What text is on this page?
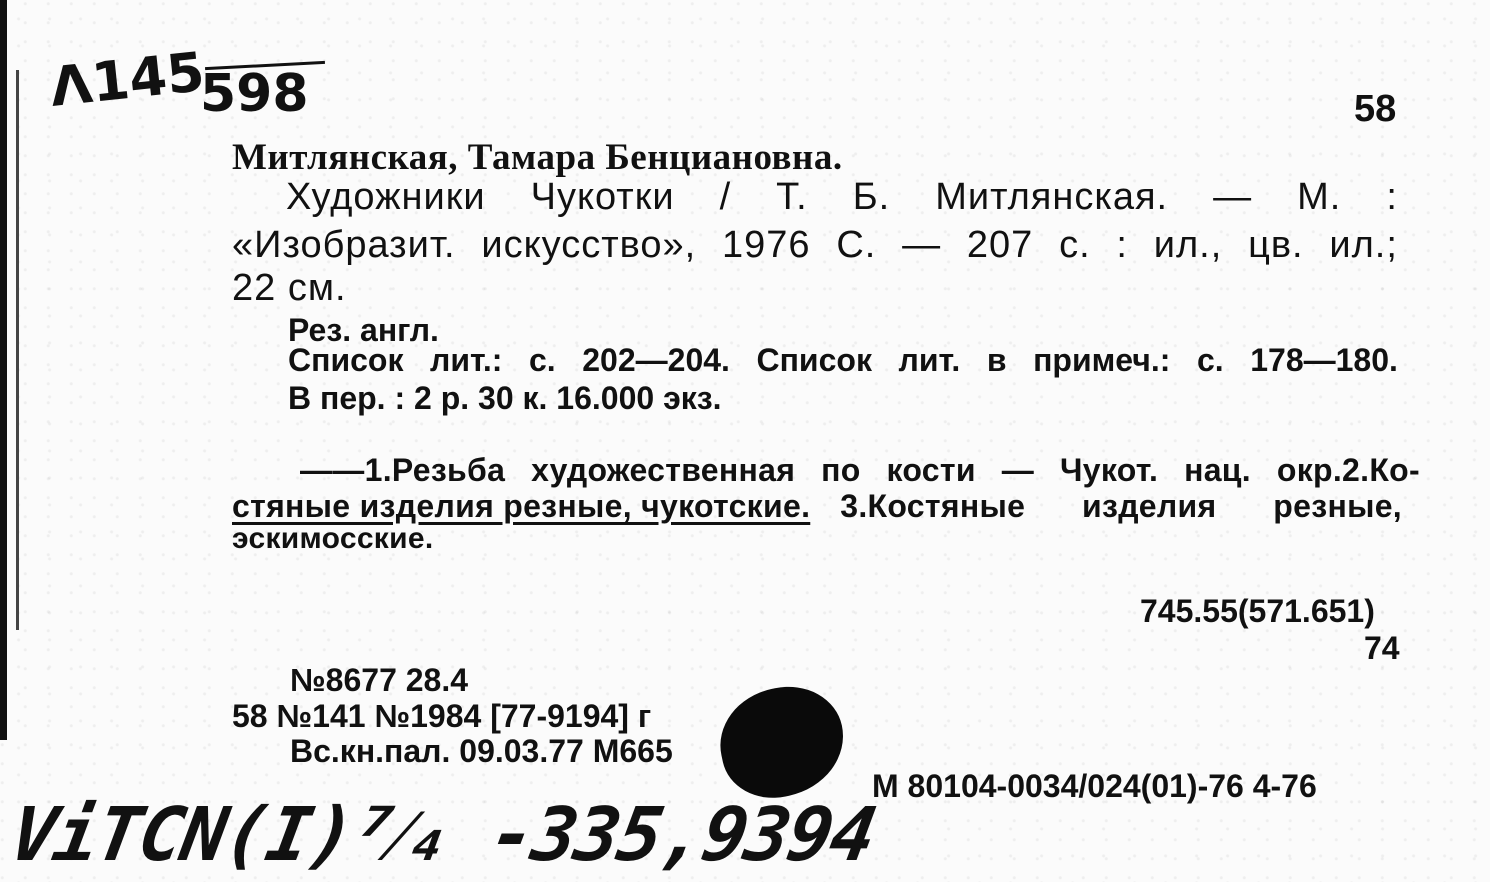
Λ145
598	58
Митлянская, Тамара Бенциановна.
Художники Чукотки / Т. Б. Митлянская. — М. :
«Изобразит. искусство», 1976 С. — 207 с. : ил., цв. ил.;
22 см.
Рез. англ.
Список лит.: с. 202—204. Список лит. в примеч.: с. 178—180.
В пер. : 2 р. 30 к. 16.000 экз.
——1.Резьба художественная по кости — Чукот. нац. окр.2.Ко-
стяные изделия резные, чукотские. 3.Костяные изделия резные,
эскимосские.
745.55(571.651)
74
№8677 28.4
58 №141 №1984 [77-9194] г
Вс.кн.пал. 09.03.77 М665
М 80104-0034/024(01)-76 4-76
ViTCN(I)⁷⁄₄ -335,9394
